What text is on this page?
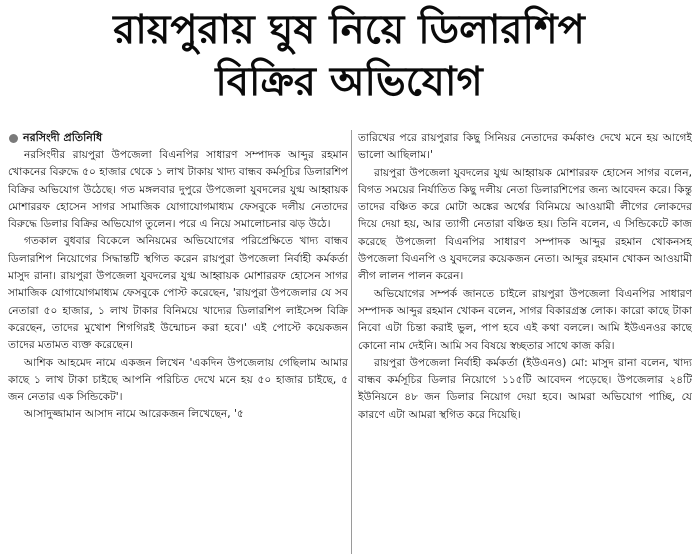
রায়পুরায় ঘুষ নিয়ে ডিলারশিপ
বিক্রির অভিযোগ
নরসিংদী প্রতিনিধি

নরসিংদীর রায়পুরা উপজেলা বিএনপির সাধারণ সম্পাদক আব্দুর রহমান খোকনের বিরুদ্ধে ৫০ হাজার থেকে ১ লাখ টাকায় খাদ্য বান্ধব কর্মসূচির ডিলারশিপ বিক্রির অভিযোগ উঠেছে। গত মঙ্গলবার দুপুরে উপজেলা যুবদলের যুগ্ম আহ্বায়ক মোশাররফ হোসেন সাগর সামাজিক যোগাযোগমাধ্যম ফেসবুকে দলীয় নেতাদের বিরুদ্ধে ডিলার বিক্রির অভিযোগ তুলেন। পরে এ নিয়ে সমালোচনার ঝড় উঠে।

গতকাল বুধবার বিকেলে অনিয়মের অভিযোগের পরিপ্রেক্ষিতে খাদ্য বান্ধব ডিলারশিপ নিয়োগের সিদ্ধান্তটি স্থগিত করেন রায়পুরা উপজেলা নির্বাহী কর্মকর্তা মাসুদ রানা। রায়পুরা উপজেলা যুবদলের যুগ্ম আহ্বায়ক মোশাররফ হোসেন সাগর সামাজিক যোগাযোগমাধ্যম ফেসবুকে পোস্ট করেছেন, 'রায়পুরা উপজেলার যে সব নেতারা ৫০ হাজার, ১ লাখ টাকার বিনিময়ে খাদ্যের ডিলারশিপ লাইসেন্স বিক্রি করেছেন, তাদের মুখোশ শিগগিরই উন্মোচন করা হবে।' এই পোস্টে কয়েকজন তাদের মতামত ব্যক্ত করেছেন।

আশিক আহমেদ নামে একজন লিখেন 'একদিন উপজেলায় গেছিলাম আমার কাছে ১ লাখ টাকা চাইছে আপনি পরিচিত দেখে মনে হয় ৫০ হাজার চাইছে, ৫ জন নেতার এক সিন্ডিকেট'।

আসাদুজ্জামান আসাদ নামে আরেকজন লিখেছেন, '৫

তারিখের পরে রায়পুরার কিছু সিনিয়র নেতাদের কর্মকাণ্ড দেখে মনে হয় আগেই ভালো আছিলাম।'

রায়পুরা উপজেলা যুবদলের যুগ্ম আহ্বায়ক মোশাররফ হোসেন সাগর বলেন, বিগত সময়ের নির্যাতিত কিছু দলীয় নেতা ডিলারশিপের জন্য আবেদন করে। কিন্তু তাদের বঞ্চিত করে মোটা অঙ্কের অর্থের বিনিময়ে আওয়ামী লীগের লোকদের দিয়ে দেয়া হয়, আর ত্যাগী নেতারা বঞ্চিত হয়। তিনি বলেন, এ সিন্ডিকেটে কাজ করেছে উপজেলা বিএনপির সাধারণ সম্পাদক আব্দুর রহমান খোকনসহ উপজেলা বিএনপি ও যুবদলের কয়েকজন নেতা। আব্দুর রহমান খোকন আওয়ামী লীগ লালন পালন করেন।

অভিযোগের সম্পর্ক জানতে চাইলে রায়পুরা উপজেলা বিএনপির সাধারণ সম্পাদক আব্দুর রহমান খোকন বলেন, সাগর বিকারগ্রস্ত লোক। কারো কাছে টাকা নিবো এটা চিন্তা করাই ভুল, পাপ হবে এই কথা বললে। আমি ইউএনওর কাছে কোনো নাম দেইনি। আমি সব বিষয়ে স্বচ্ছতার সাথে কাজ করি।

রায়পুরা উপজেলা নির্বাহী কর্মকর্তা (ইউএনও) মো: মাসুদ রানা বলেন, খাদ্য বান্ধব কর্মসূচির ডিলার নিয়োগে ১১৫টি আবেদন পড়েছে। উপজেলার ২৪টি ইউনিয়নে ৪৮ জন ডিলার নিয়োগ দেয়া হবে। আমরা অভিযোগ পাচ্ছি, যে কারণে এটা আমরা স্থগিত করে দিয়েছি।
